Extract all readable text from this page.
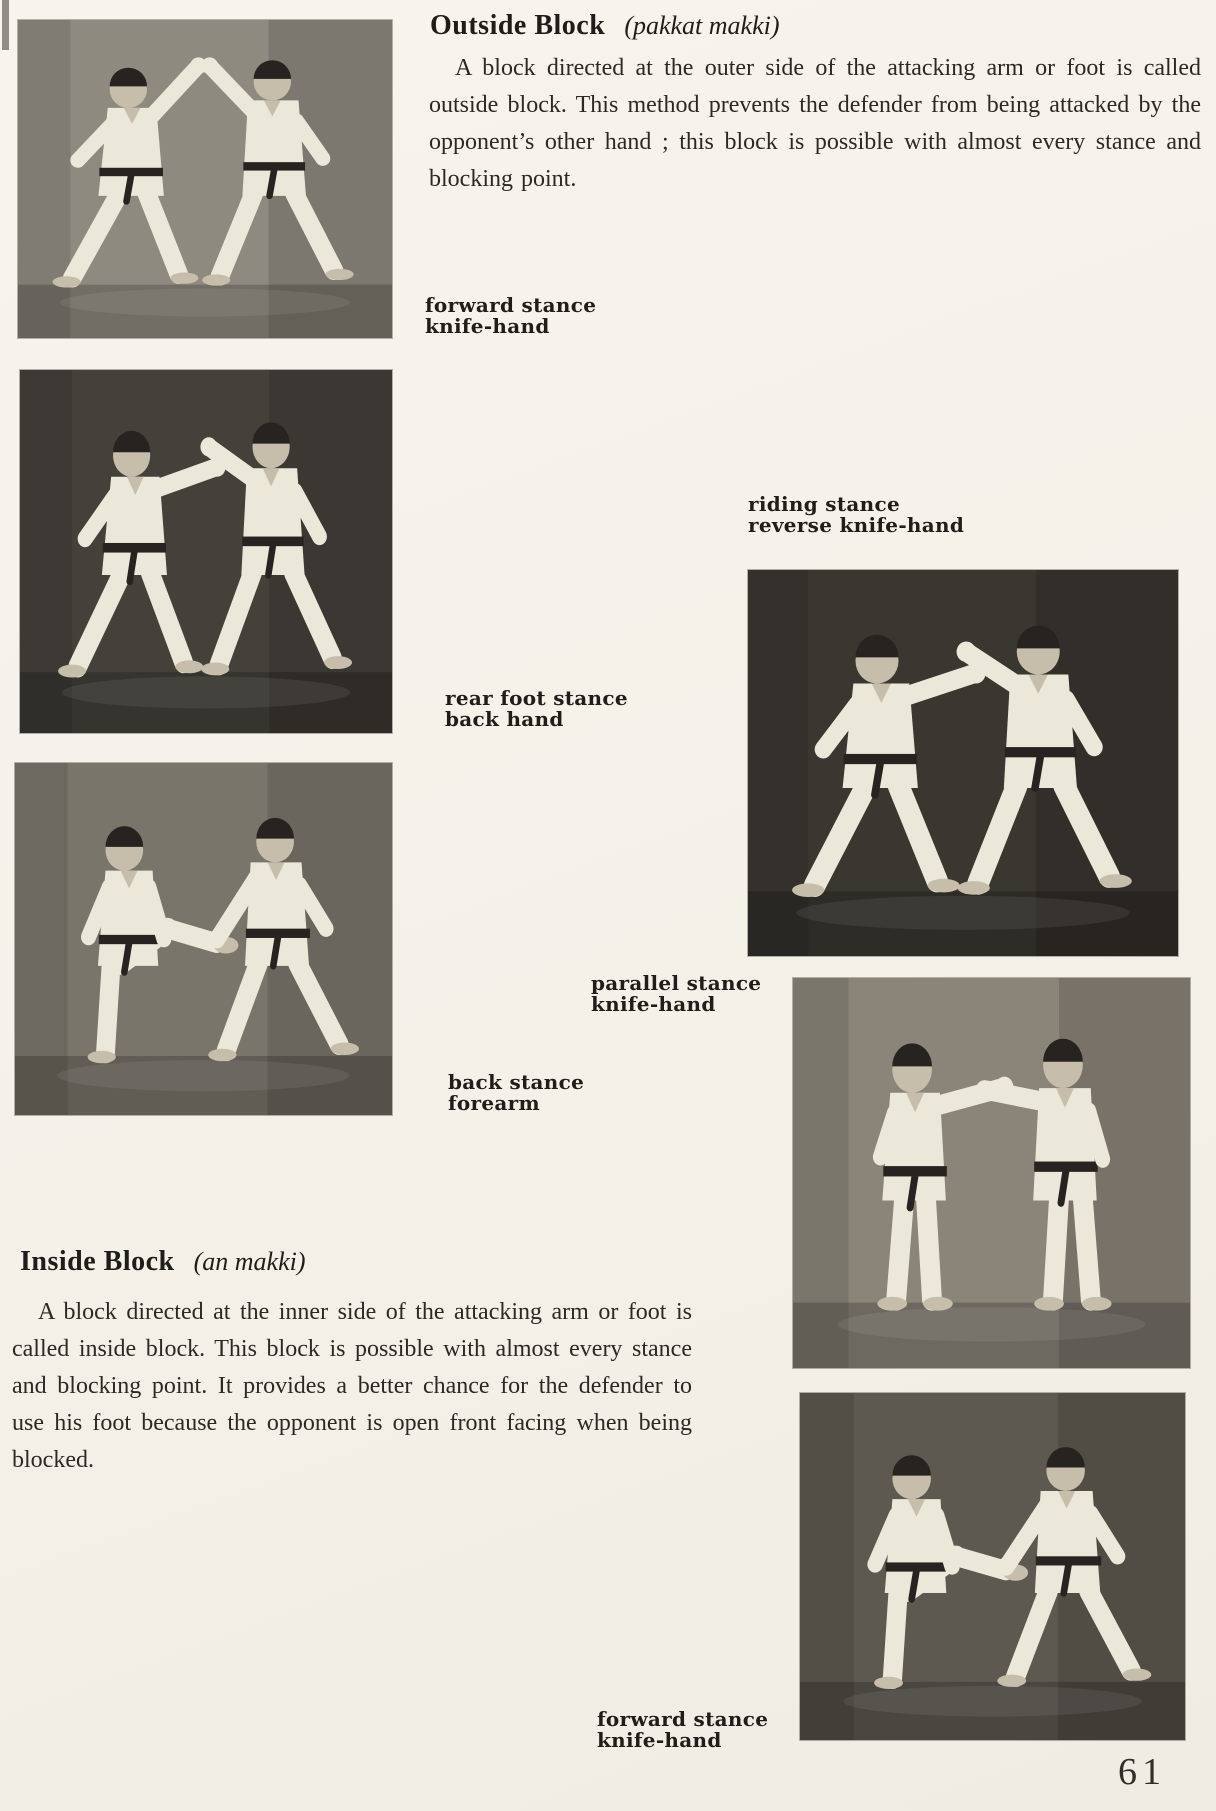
Outside Block (pakkat makki)
A block directed at the outer side of the attacking arm or foot is called outside block. This method prevents the defender from being attacked by the opponent’s other hand ; this block is possible with almost every stance and blocking point.
Inside Block (an makki)
A block directed at the inner side of the attacking arm or foot is called inside block. This block is possible with almost every stance and blocking point. It provides a better chance for the defender to use his foot because the opponent is open front facing when being blocked.
forward stance
knife-hand
riding stance
reverse knife-hand
rear foot stance
back hand
parallel stance
knife-hand
back stance
forearm
forward stance
knife-hand
61
